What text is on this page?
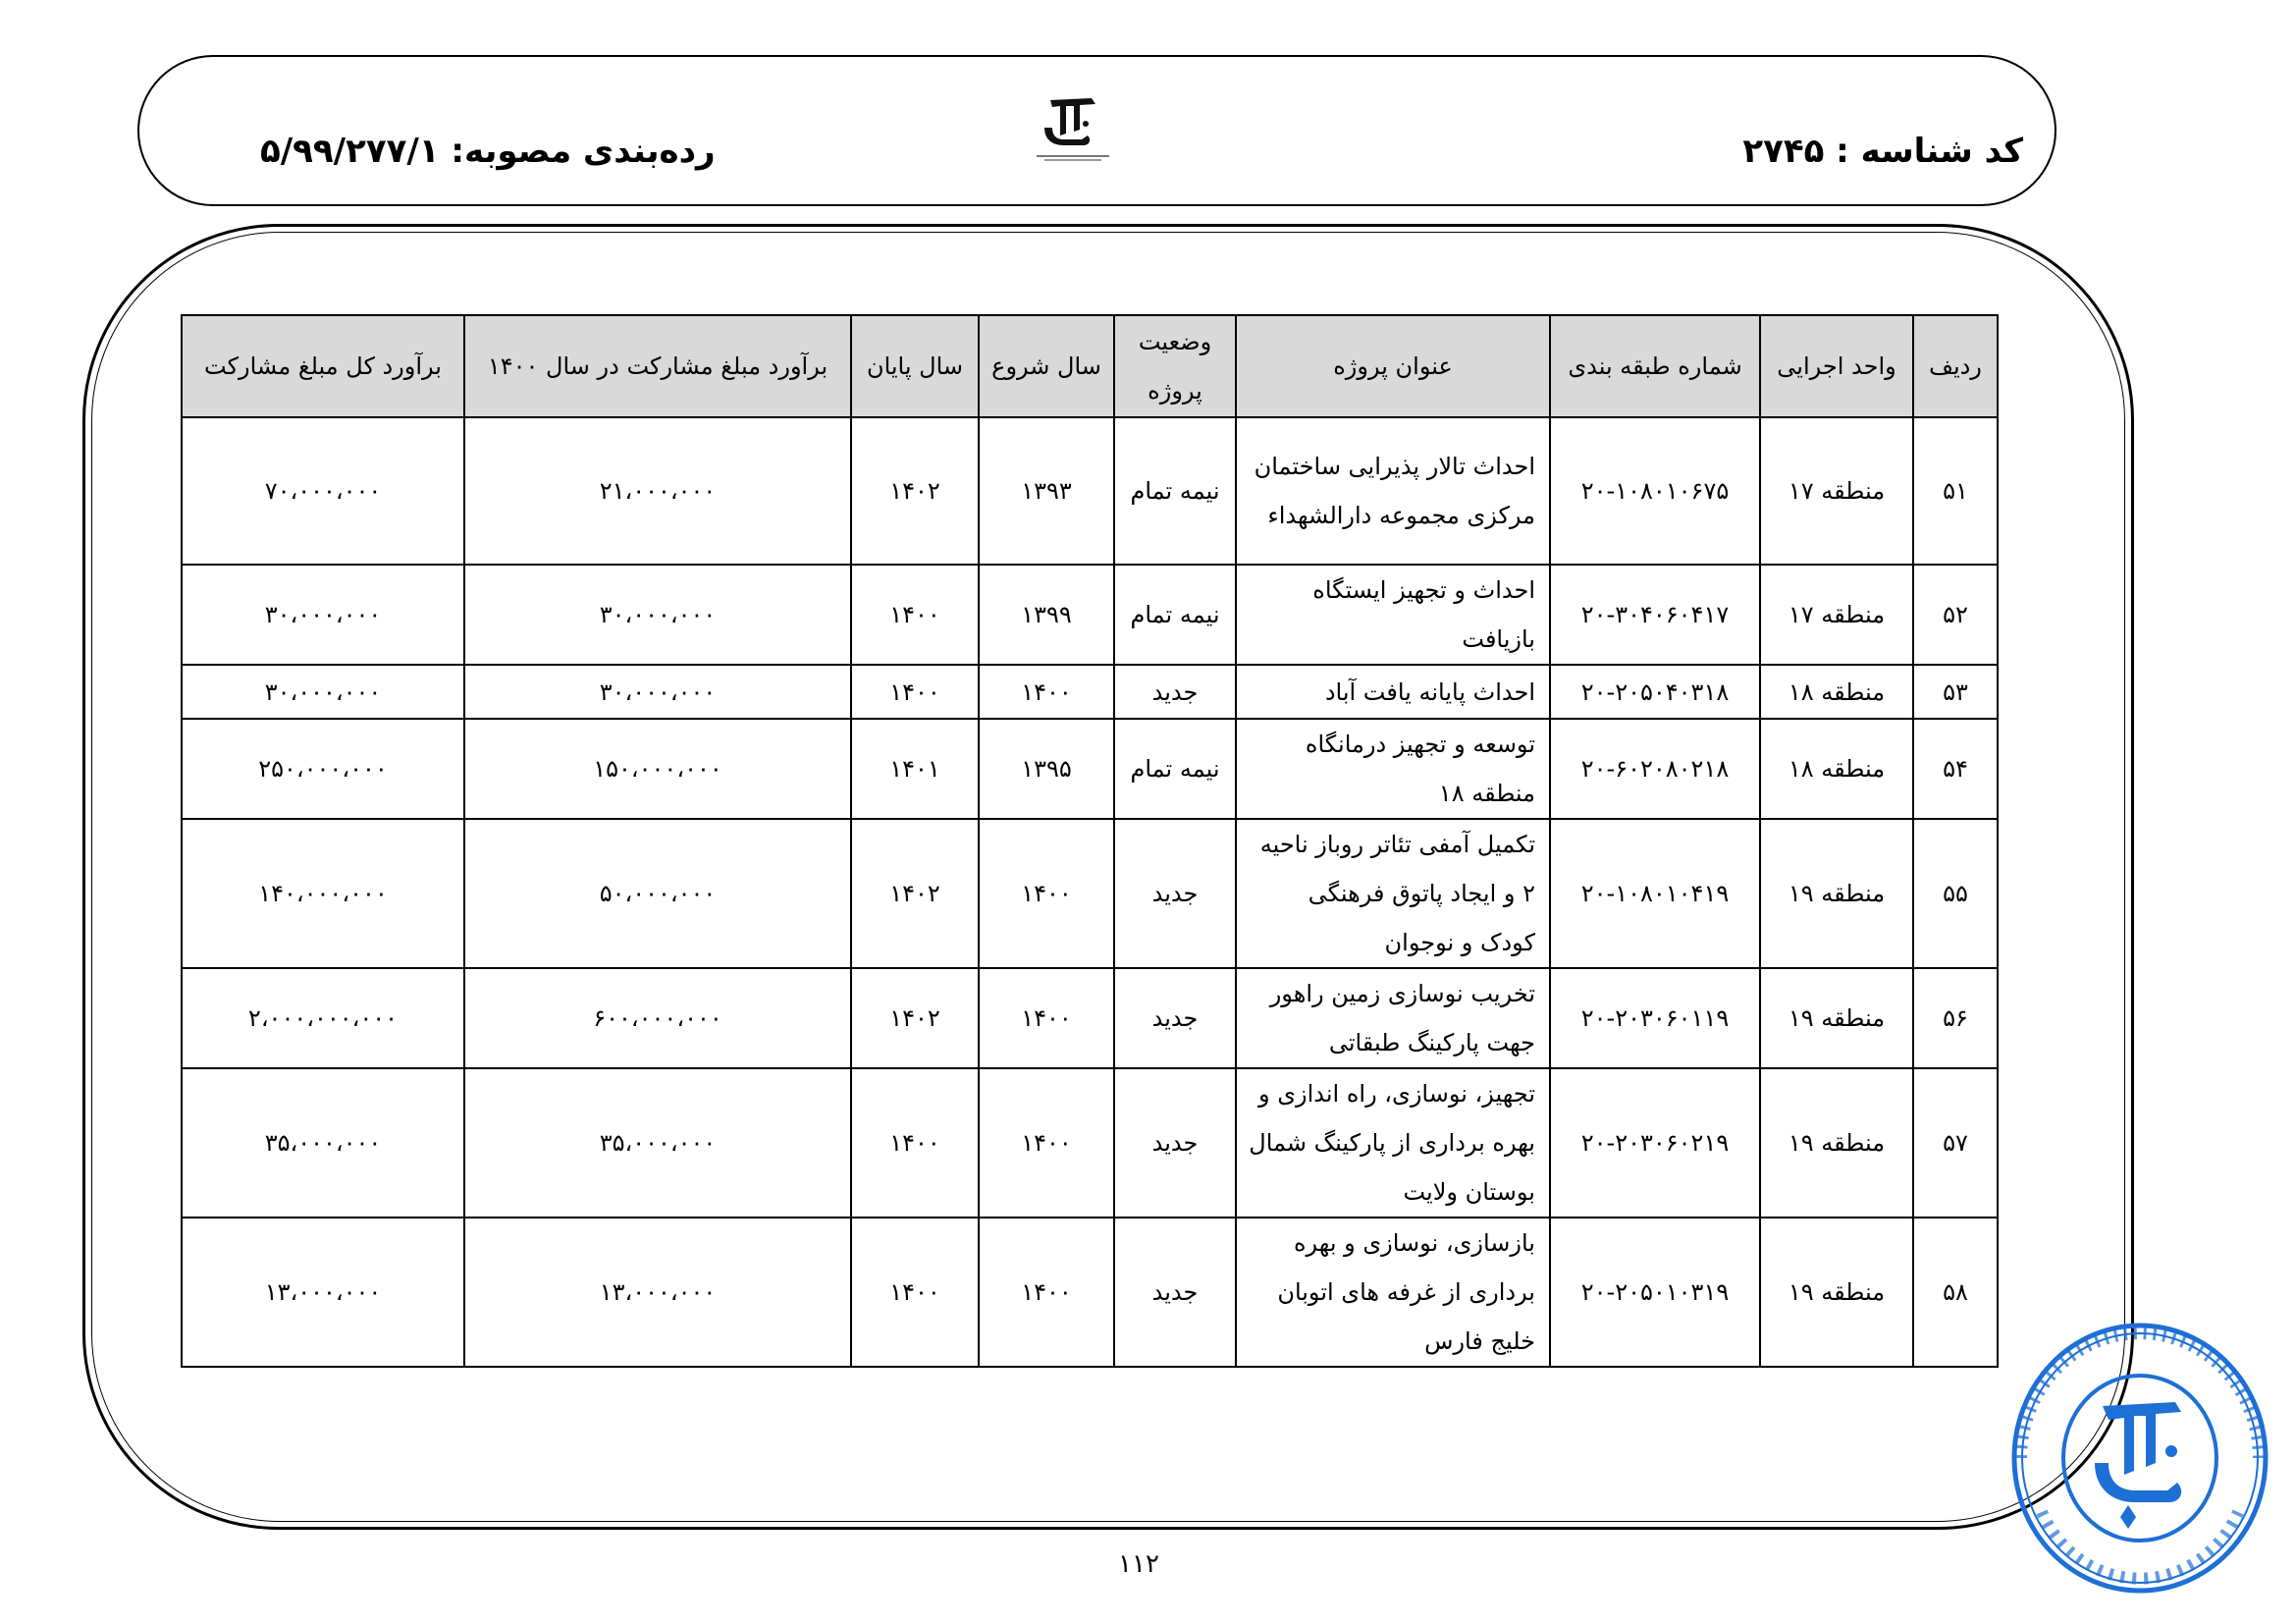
کد شناسه : ۲۷۴۵
رده‌بندی مصوبه: ۵/۹۹/۲۷۷/۱
ردیف	واحد اجرایی	شماره طبقه بندی	عنوان پروژه	وضعیت پروژه	سال شروع	سال پایان	برآورد مبلغ مشارکت در سال ۱۴۰۰	برآورد کل مبلغ مشارکت
۵۱	منطقه ۱۷	۲۰-۱۰۸۰۱۰۶۷۵	احداث تالار پذیرایی ساختمان مرکزی مجموعه دارالشهداء	نیمه تمام	۱۳۹۳	۱۴۰۲	۲۱،۰۰۰،۰۰۰	۷۰،۰۰۰،۰۰۰
۵۲	منطقه ۱۷	۲۰-۳۰۴۰۶۰۴۱۷	احداث و تجهیز ایستگاه بازیافت	نیمه تمام	۱۳۹۹	۱۴۰۰	۳۰،۰۰۰،۰۰۰	۳۰،۰۰۰،۰۰۰
۵۳	منطقه ۱۸	۲۰-۲۰۵۰۴۰۳۱۸	احداث پایانه یافت آباد	جدید	۱۴۰۰	۱۴۰۰	۳۰،۰۰۰،۰۰۰	۳۰،۰۰۰،۰۰۰
۵۴	منطقه ۱۸	۲۰-۶۰۲۰۸۰۲۱۸	توسعه و تجهیز درمانگاه منطقه ۱۸	نیمه تمام	۱۳۹۵	۱۴۰۱	۱۵۰،۰۰۰،۰۰۰	۲۵۰،۰۰۰،۰۰۰
۵۵	منطقه ۱۹	۲۰-۱۰۸۰۱۰۴۱۹	تکمیل آمفی تئاتر روباز ناحیه ۲ و ایجاد پاتوق فرهنگی کودک و نوجوان	جدید	۱۴۰۰	۱۴۰۲	۵۰،۰۰۰،۰۰۰	۱۴۰،۰۰۰،۰۰۰
۵۶	منطقه ۱۹	۲۰-۲۰۳۰۶۰۱۱۹	تخریب نوسازی زمین راهور جهت پارکینگ طبقاتی	جدید	۱۴۰۰	۱۴۰۲	۶۰۰،۰۰۰،۰۰۰	۲،۰۰۰،۰۰۰،۰۰۰
۵۷	منطقه ۱۹	۲۰-۲۰۳۰۶۰۲۱۹	تجهیز، نوسازی، راه اندازی و بهره برداری از پارکینگ شمال بوستان ولایت	جدید	۱۴۰۰	۱۴۰۰	۳۵،۰۰۰،۰۰۰	۳۵،۰۰۰،۰۰۰
۵۸	منطقه ۱۹	۲۰-۲۰۵۰۱۰۳۱۹	بازسازی، نوسازی و بهره برداری از غرفه های اتوبان خلیج فارس	جدید	۱۴۰۰	۱۴۰۰	۱۳،۰۰۰،۰۰۰	۱۳،۰۰۰،۰۰۰
۱۱۲
